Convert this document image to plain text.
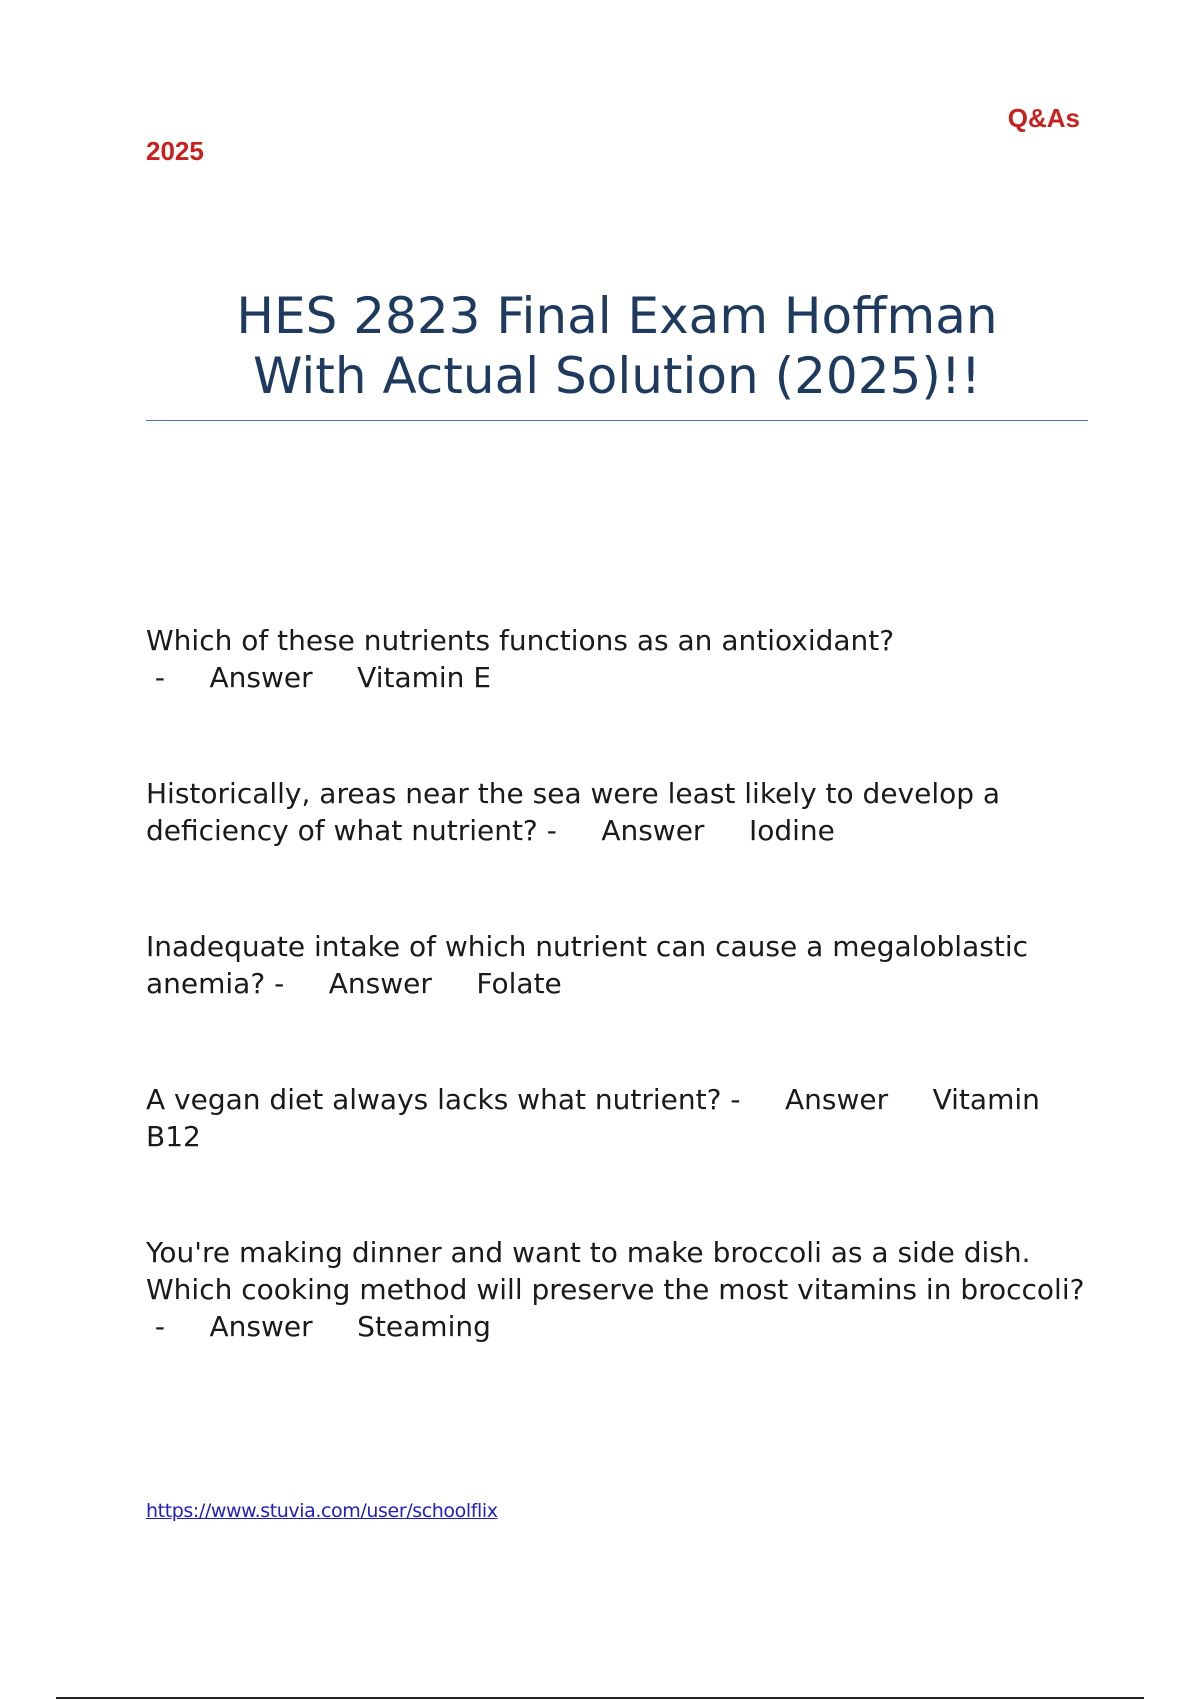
Q&As
2025
HES 2823 Final Exam Hoffman
With Actual Solution (2025)!!
Which of these nutrients functions as an antioxidant? -     Answer Vitamin E
Historically, areas near the sea were least likely to develop a deficiency of what nutrient? -     Answer Iodine
Inadequate intake of which nutrient can cause a megaloblastic anemia? -     Answer Folate
A vegan diet always lacks what nutrient? -     Answer Vitamin B12
You're making dinner and want to make broccoli as a side dish. Which cooking method will preserve the most vitamins in broccoli? -     Answer Steaming
https://www.stuvia.com/user/schoolflix
